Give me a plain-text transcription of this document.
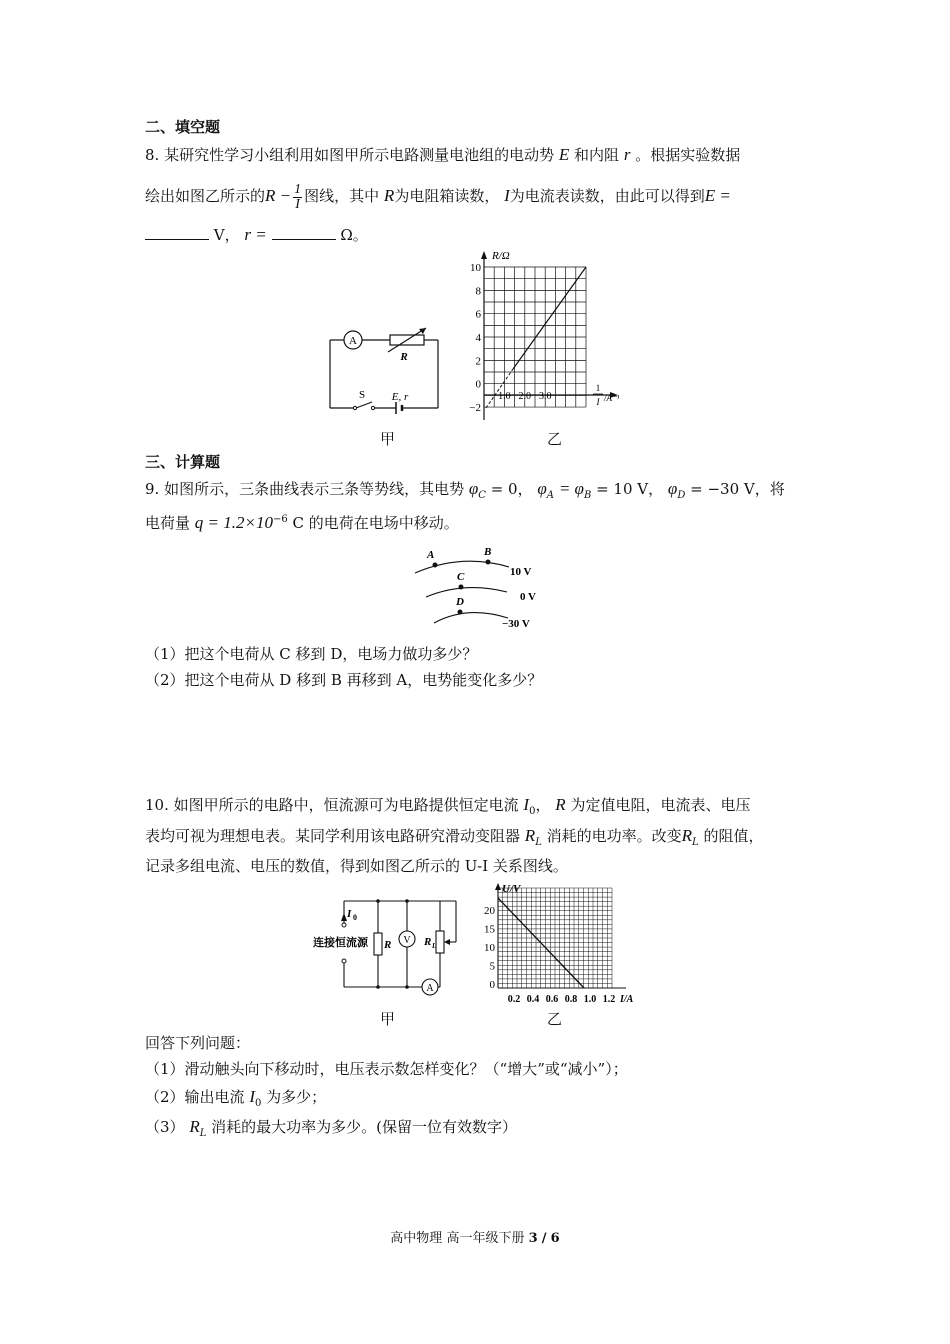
二、填空题
8. 某研究性学习小组利用如图甲所示电路测量电池组的电动势 E 和内阻 r 。根据实验数据
绘出如图乙所示的$R - \frac{1}{I}$ 图线，其中 R为电阻箱读数， I为电流表读数，由此可以得到E =
V， r =	Ω。
A
R
S E, r
甲
10
8
6
4
2
0
−2
1.0 2.0 3.0
R/Ω
1
I /A⁻¹
乙
三、计算题
9. 如图所示，三条曲线表示三条等势线，其电势 $\varphi_C = 0$， $\varphi_A = \varphi_B = 10$ V， $\varphi_D = -30$ V，将
电荷量 $q = 1.2\times 10^{-6}$ C 的电荷在电场中移动。
A	B
C
D
10 V
0 V
−30 V
（1）把这个电荷从 C 移到 D，电场力做功多少？
（2）把这个电荷从 D 移到 B 再移到 A，电势能变化多少？
10. 如图甲所示的电路中，恒流源可为电路提供恒定电流 $I_0$， R 为定值电阻，电流表、电压
表均可视为理想电表。某同学利用该电路研究滑动变阻器 $R_L$ 消耗的电功率。改变$R_L$ 的阻值，
记录多组电流、电压的数值，得到如图乙所示的 U-I 关系图线。
V
A
I 0
连接恒流源 R	R L
甲
20
15
10
5
0
0.2 0.4 0.6 0.8 1.0 1.2
U/V
I/A
乙
回答下列问题：
（1）滑动触头向下移动时，电压表示数怎样变化？（“增大”或“减小”）；
（2）输出电流 $I_0$ 为多少；
（3） $R_L$ 消耗的最大功率为多少。(保留一位有效数字）
高中物理 高一年级下册 3 / 6
